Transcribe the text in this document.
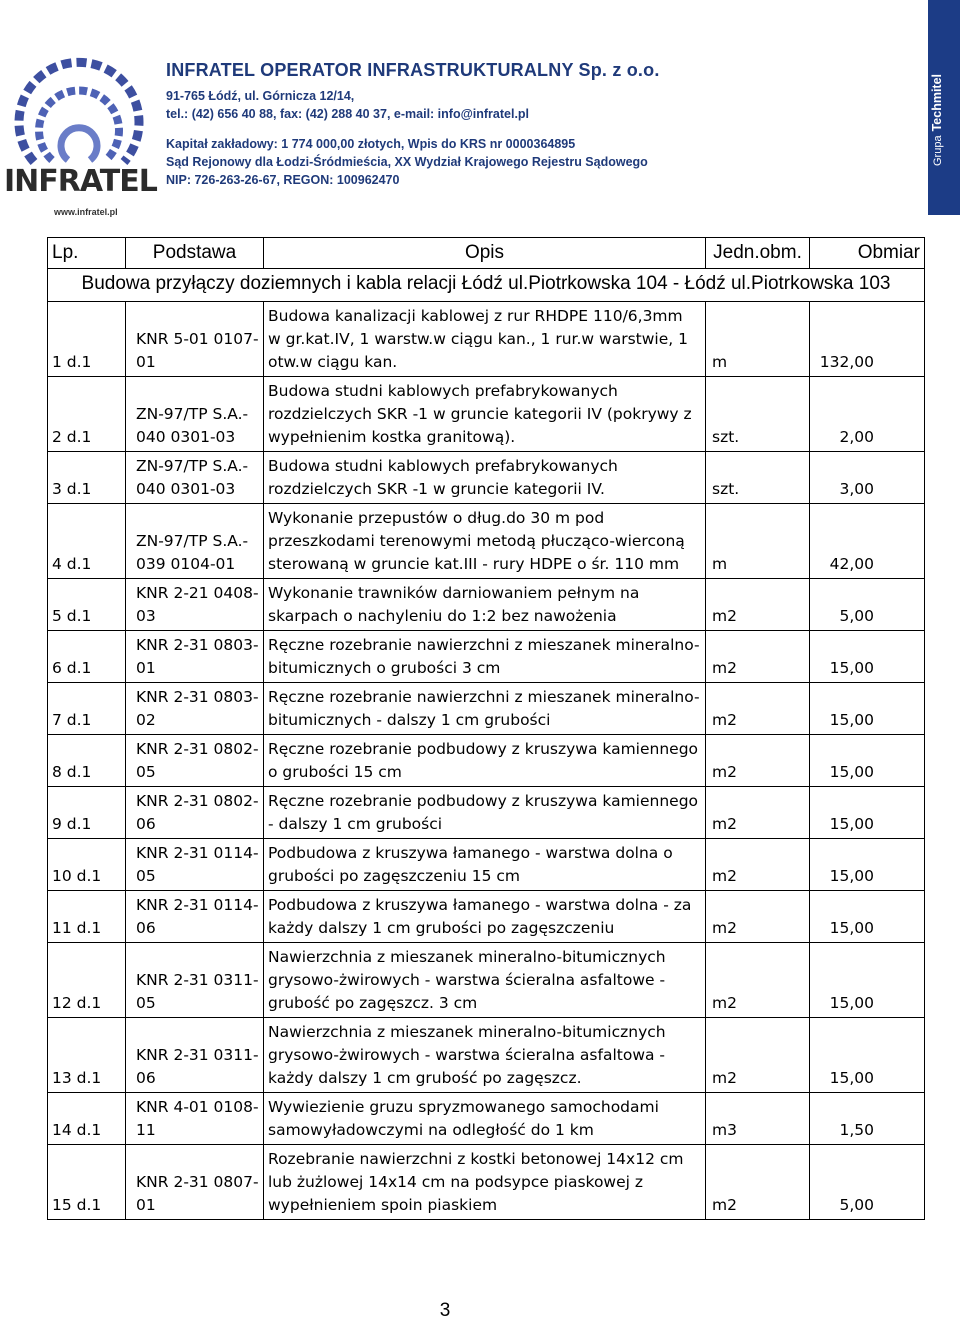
INFRATEL
www.infratel.pl
INFRATEL OPERATOR INFRASTRUKTURALNY Sp. z o.o.
91-765 Łódź, ul. Górnicza 12/14,
tel.: (42) 656 40 88, fax: (42) 288 40 37, e-mail: info@infratel.pl
Kapitał zakładowy: 1 774 000,00 złotych, Wpis do KRS nr 0000364895
Sąd Rejonowy dla Łodzi-Śródmieścia, XX Wydział Krajowego Rejestru Sądowego
NIP: 726-263-26-67, REGON: 100962470
GrupaTechmitel
Lp.	Podstawa	Opis	Jedn.obm.	Obmiar
Budowa przyłączy doziemnych i kabla relacji Łódź ul.Piotrkowska 104 - Łódź ul.Piotrkowska 103				
1 d.1	KNR 5-01 0107-
01	Budowa kanalizacji kablowej z rur RHDPE 110/6,3mm
w gr.kat.IV, 1 warstw.w ciągu kan., 1 rur.w warstwie, 1
otw.w ciągu kan.	m	132,00
2 d.1	ZN-97/TP S.A.-
040 0301-03	Budowa studni kablowych prefabrykowanych
rozdzielczych SKR -1 w gruncie kategorii IV (pokrywy z
wypełnienim kostka granitową).	szt.	2,00
3 d.1	ZN-97/TP S.A.-
040 0301-03	Budowa studni kablowych prefabrykowanych
rozdzielczych SKR -1 w gruncie kategorii IV.	szt.	3,00
4 d.1	ZN-97/TP S.A.-
039 0104-01	Wykonanie przepustów o dług.do 30 m pod
przeszkodami terenowymi metodą płucząco-wierconą
sterowaną w gruncie kat.III - rury HDPE o śr. 110 mm	m	42,00
5 d.1	KNR 2-21 0408-
03	Wykonanie trawników darniowaniem pełnym na
skarpach o nachyleniu do 1:2 bez nawożenia	m2	5,00
6 d.1	KNR 2-31 0803-
01	Ręczne rozebranie nawierzchni z mieszanek mineralno-
bitumicznych o grubości 3 cm	m2	15,00
7 d.1	KNR 2-31 0803-
02	Ręczne rozebranie nawierzchni z mieszanek mineralno-
bitumicznych - dalszy 1 cm grubości	m2	15,00
8 d.1	KNR 2-31 0802-
05	Ręczne rozebranie podbudowy z kruszywa kamiennego
o grubości 15 cm	m2	15,00
9 d.1	KNR 2-31 0802-
06	Ręczne rozebranie podbudowy z kruszywa kamiennego
- dalszy 1 cm grubości	m2	15,00
10 d.1	KNR 2-31 0114-
05	Podbudowa z kruszywa łamanego - warstwa dolna o
grubości po zagęszczeniu 15 cm	m2	15,00
11 d.1	KNR 2-31 0114-
06	Podbudowa z kruszywa łamanego - warstwa dolna - za
każdy dalszy 1 cm grubości po zagęszczeniu	m2	15,00
12 d.1	KNR 2-31 0311-
05	Nawierzchnia z mieszanek mineralno-bitumicznych
grysowo-żwirowych - warstwa ścieralna asfaltowe -
grubość po zagęszcz. 3 cm	m2	15,00
13 d.1	KNR 2-31 0311-
06	Nawierzchnia z mieszanek mineralno-bitumicznych
grysowo-żwirowych - warstwa ścieralna asfaltowa -
każdy dalszy 1 cm grubość po zagęszcz.	m2	15,00
14 d.1	KNR 4-01 0108-
11	Wywiezienie gruzu spryzmowanego samochodami
samowyładowczymi na odległość do 1 km	m3	1,50
15 d.1	KNR 2-31 0807-
01	Rozebranie nawierzchni z kostki betonowej 14x12 cm
lub żużlowej 14x14 cm na podsypce piaskowej z
wypełnieniem spoin piaskiem	m2	5,00
3
